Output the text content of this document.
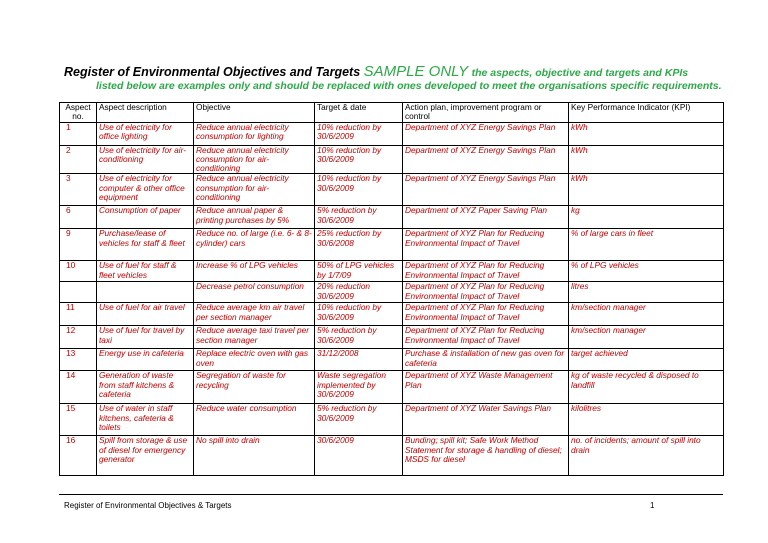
Register of Environmental Objectives and Targets SAMPLE ONLY the aspects, objective and targets and KPIs
listed below are examples only and should be replaced with ones developed to meet the organisations specific requirements.
Aspect no.	Aspect description	Objective	Target & date	Action plan, improvement program or control	Key Performance Indicator (KPI)
1	Use of electricity for office lighting	Reduce annual electricity consumption for lighting	10% reduction by 30/6/2009	Department of XYZ Energy Savings Plan	kWh
2	Use of electricity for air-conditioning	Reduce annual electricity consumption for air-conditioning	10% reduction by 30/6/2009	Department of XYZ Energy Savings Plan	kWh
3	Use of electricity for computer & other office equipment	Reduce annual electricity consumption for air-conditioning	10% reduction by 30/6/2009	Department of XYZ Energy Savings Plan	kWh
6	Consumption of paper	Reduce annual paper & printing purchases by 5%	5% reduction by 30/6/2009	Department of XYZ Paper Saving Plan	kg
9	Purchase/lease of vehicles for staff & fleet	Reduce no. of large (i.e. 6- & 8-cylinder) cars	25% reduction by 30/6/2008	Department of XYZ Plan for Reducing Environmental Impact of Travel	% of large cars in fleet
10	Use of fuel for staff & fleet vehicles	Increase % of LPG vehicles	50% of LPG vehicles by 1/7/09	Department of XYZ Plan for Reducing Environmental Impact of Travel	% of LPG vehicles
		Decrease petrol consumption	20% reduction 30/6/2009	Department of XYZ Plan for Reducing Environmental Impact of Travel	litres
11	Use of fuel for air travel	Reduce average km air travel per section manager	10% reduction by 30/6/2009	Department of XYZ Plan for Reducing Environmental Impact of Travel	km/section manager
12	Use of fuel for travel by taxi	Reduce average taxi travel per section manager	5% reduction by 30/6/2009	Department of XYZ Plan for Reducing Environmental Impact of Travel	km/section manager
13	Energy use in cafeteria	Replace electric oven with gas oven	31/12/2008	Purchase & installation of new gas oven for cafeteria	target achieved
14	Generation of waste from staff kitchens & cafeteria	Segregation of waste for recycling	Waste segregation implemented by 30/6/2009	Department of XYZ Waste Management Plan	kg of waste recycled & disposed to landfill
15	Use of water in staff kitchens, cafeteria & toilets	Reduce water consumption	5% reduction by 30/6/2009	Department of XYZ Water Savings Plan	kilolitres
16	Spill from storage & use of diesel for emergency generator	No spill into drain	30/6/2009	Bunding; spill kit; Safe Work Method Statement for storage & handling of diesel; MSDS for diesel	no. of incidents; amount of spill into drain
Register of Environmental Objectives & Targets	1
